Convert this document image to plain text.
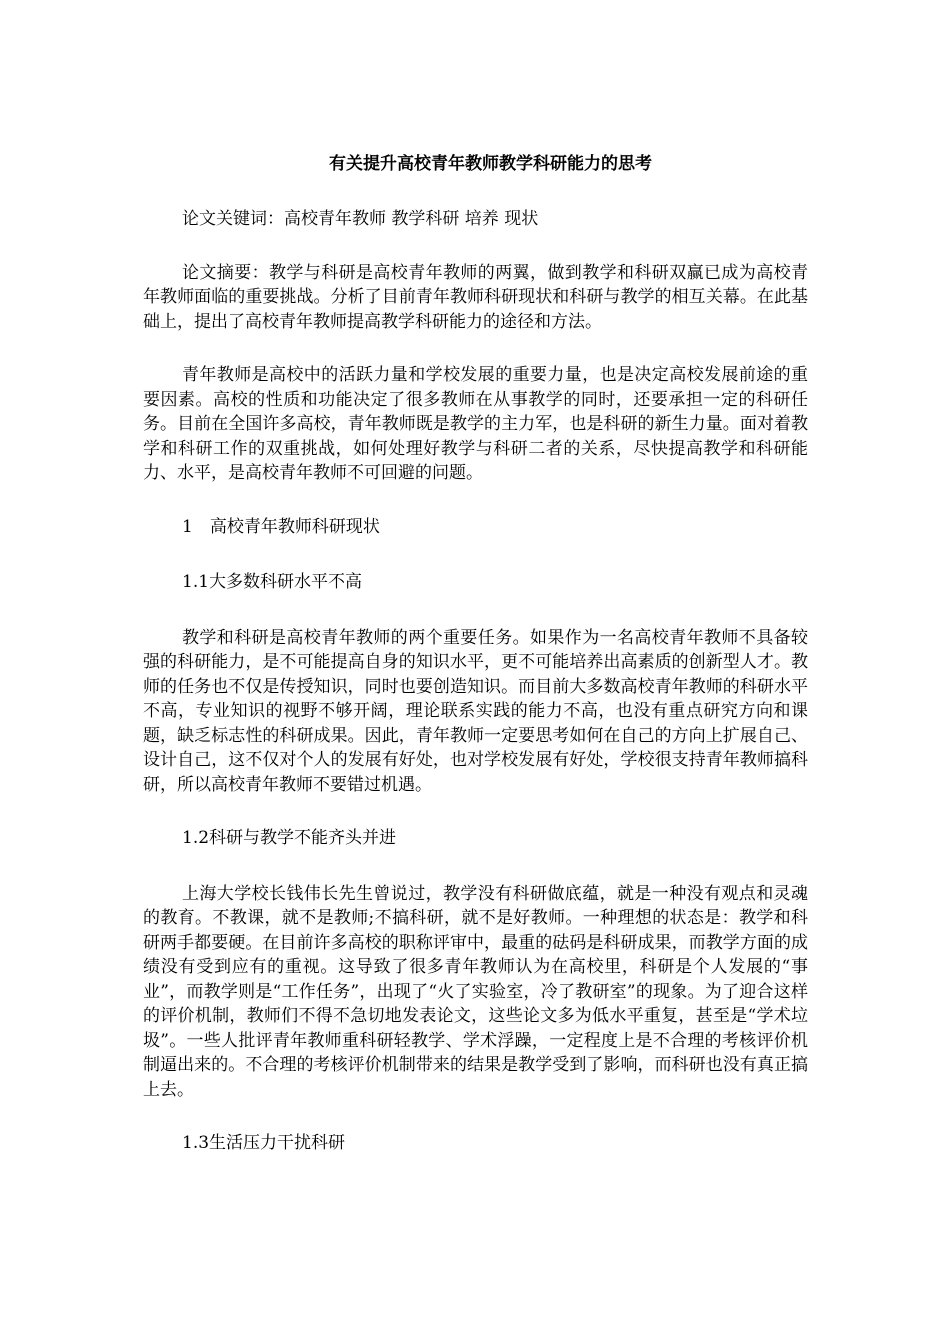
有关提升高校青年教师教学科研能力的思考

论文关键词：高校青年教师 教学科研 培养 现状

论文摘要：教学与科研是高校青年教师的两翼，做到教学和科研双赢已成为高校青年教师面临的重要挑战。分析了目前青年教师科研现状和科研与教学的相互关幕。在此基础上，提出了高校青年教师提高教学科研能力的途径和方法。

青年教师是高校中的活跃力量和学校发展的重要力量，也是决定高校发展前途的重要因素。高校的性质和功能决定了很多教师在从事教学的同时，还要承担一定的科研任务。目前在全国许多高校，青年教师既是教学的主力军，也是科研的新生力量。面对着教学和科研工作的双重挑战，如何处理好教学与科研二者的关系，尽快提高教学和科研能力、水平，是高校青年教师不可回避的问题。

1　高校青年教师科研现状

1.1大多数科研水平不高

教学和科研是高校青年教师的两个重要任务。如果作为一名高校青年教师不具备较强的科研能力，是不可能提高自身的知识水平，更不可能培养出高素质的创新型人才。教师的任务也不仅是传授知识，同时也要创造知识。而目前大多数高校青年教师的科研水平不高，专业知识的视野不够开阔，理论联系实践的能力不高，也没有重点研究方向和课题，缺乏标志性的科研成果。因此，青年教师一定要思考如何在自己的方向上扩展自己、设计自己，这不仅对个人的发展有好处，也对学校发展有好处，学校很支持青年教师搞科研，所以高校青年教师不要错过机遇。

1.2科研与教学不能齐头并进

上海大学校长钱伟长先生曾说过，教学没有科研做底蕴，就是一种没有观点和灵魂的教育。不教课，就不是教师;不搞科研，就不是好教师。一种理想的状态是：教学和科研两手都要硬。在目前许多高校的职称评审中，最重的砝码是科研成果，而教学方面的成绩没有受到应有的重视。这导致了很多青年教师认为在高校里，科研是个人发展的“事业”，而教学则是“工作任务”，出现了“火了实验室，冷了教研室”的现象。为了迎合这样的评价机制，教师们不得不急切地发表论文，这些论文多为低水平重复，甚至是“学术垃圾”。一些人批评青年教师重科研轻教学、学术浮躁，一定程度上是不合理的考核评价机制逼出来的。不合理的考核评价机制带来的结果是教学受到了影响，而科研也没有真正搞上去。

1.3生活压力干扰科研
